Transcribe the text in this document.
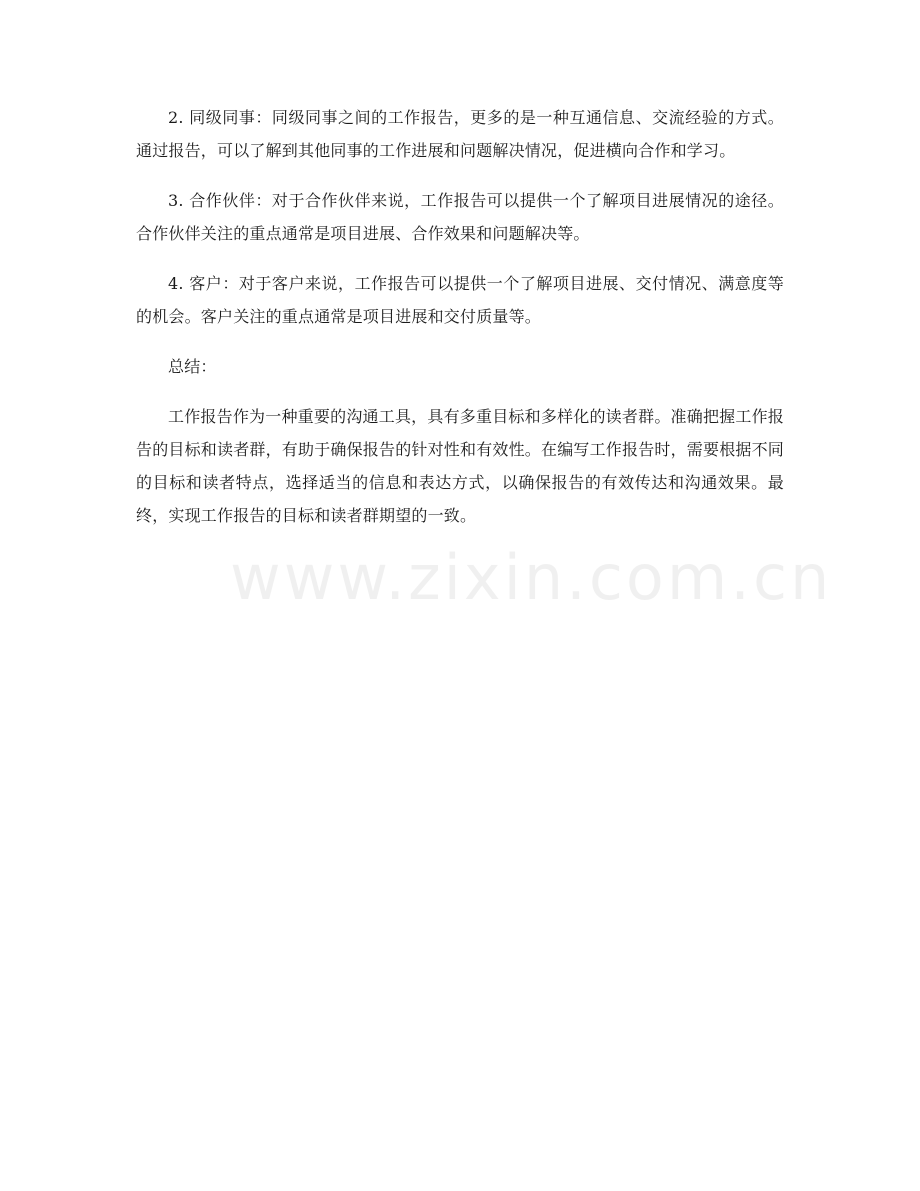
2. 同级同事：同级同事之间的工作报告，更多的是一种互通信息、交流经验的方式。通过报告，可以了解到其他同事的工作进展和问题解决情况，促进横向合作和学习。

3. 合作伙伴：对于合作伙伴来说，工作报告可以提供一个了解项目进展情况的途径。合作伙伴关注的重点通常是项目进展、合作效果和问题解决等。

4. 客户：对于客户来说，工作报告可以提供一个了解项目进展、交付情况、满意度等的机会。客户关注的重点通常是项目进展和交付质量等。

总结：

工作报告作为一种重要的沟通工具，具有多重目标和多样化的读者群。准确把握工作报告的目标和读者群，有助于确保报告的针对性和有效性。在编写工作报告时，需要根据不同的目标和读者特点，选择适当的信息和表达方式，以确保报告的有效传达和沟通效果。最终，实现工作报告的目标和读者群期望的一致。

www.zixin.com.cn
